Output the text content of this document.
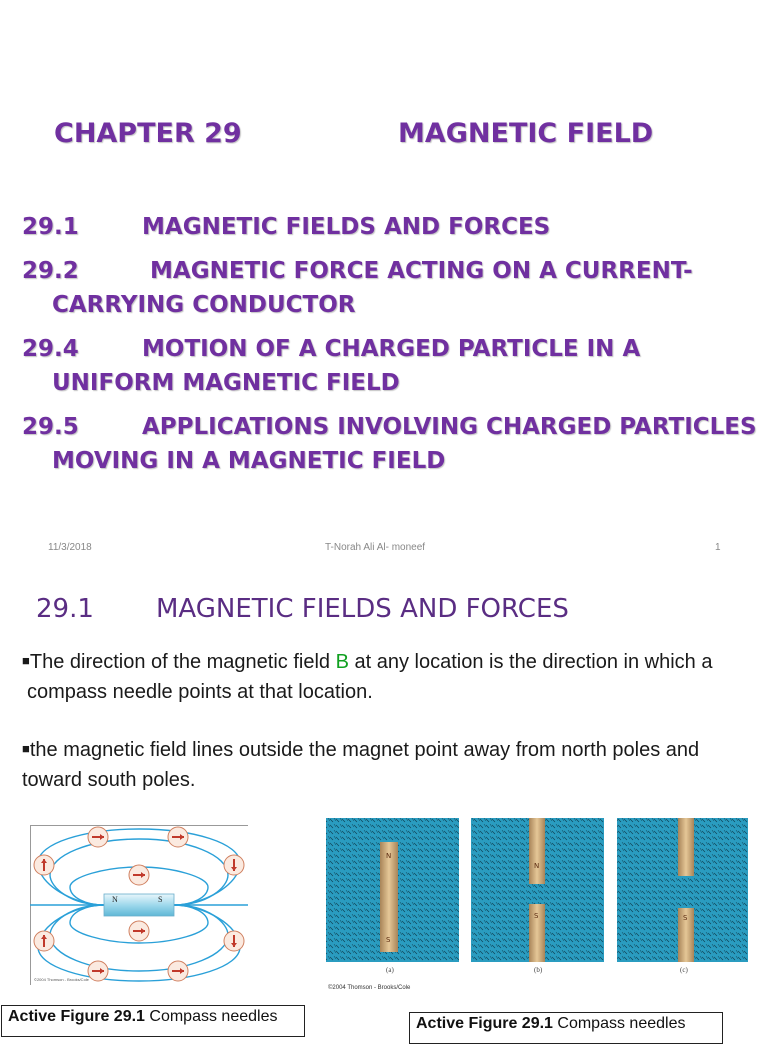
CHAPTER 29	MAGNETIC FIELD
29.1	MAGNETIC FIELDS AND FORCES
29.2	MAGNETIC FORCE ACTING ON A CURRENT-
CARRYING CONDUCTOR
29.4	MOTION OF A CHARGED PARTICLE IN A
UNIFORM MAGNETIC FIELD
29.5	APPLICATIONS INVOLVING CHARGED PARTICLES
MOVING IN A MAGNETIC FIELD
11/3/2018	T-Norah Ali Al- moneef	1
29.1 MAGNETIC FIELDS AND FORCES
■The direction of the magnetic field B at any location is the direction in which a
compass needle points at that location.
■the magnetic field lines outside the magnet point away from north poles and
toward south poles.
N	S
©2004 Thomson - Brooks/Cole
N
S
N
S	S
(a)	(b)	(c)
©2004 Thomson - Brooks/Cole
Active Figure 29.1 Compass needles	Active Figure 29.1 Compass needles
